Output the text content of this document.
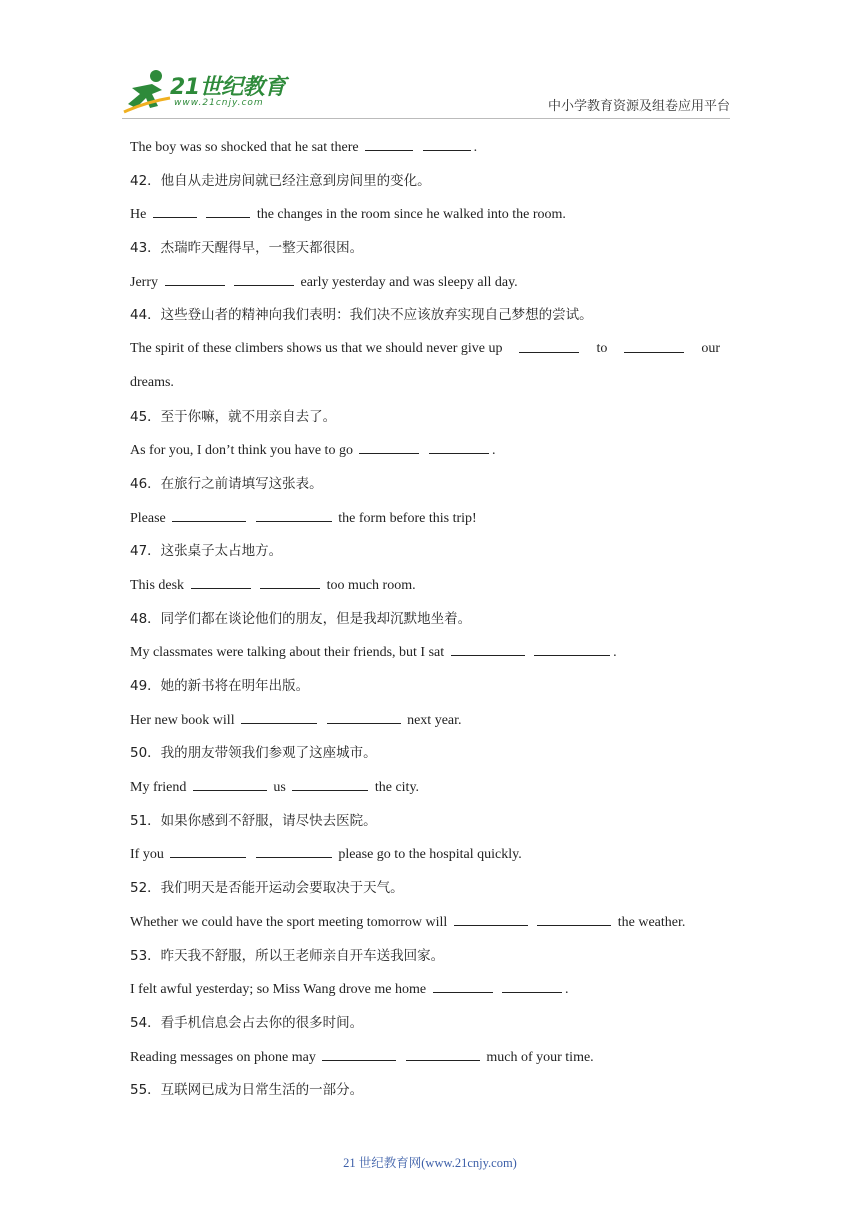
21世纪教育
www.21cnjy.com	中小学教育资源及组卷应用平台
The boy was so shocked that he sat there	.
42．他自从走进房间就已经注意到房间里的变化。
He	the changes in the room since he walked into the room.
43．杰瑞昨天醒得早，一整天都很困。
Jerry	early yesterday and was sleepy all day.
44．这些登山者的精神向我们表明：我们决不应该放弃实现自己梦想的尝试。
The spirit of these climbers shows us that we should never give up	to	our
dreams.
45．至于你嘛，就不用亲自去了。
As for you, I don’t think you have to go	.
46．在旅行之前请填写这张表。
Please	the form before this trip!
47．这张桌子太占地方。
This desk	too much room.
48．同学们都在谈论他们的朋友，但是我却沉默地坐着。
My classmates were talking about their friends, but I sat	.
49．她的新书将在明年出版。
Her new book will	next year.
50．我的朋友带领我们参观了这座城市。
My friend	us	the city.
51．如果你感到不舒服，请尽快去医院。
If you	please go to the hospital quickly.
52．我们明天是否能开运动会要取决于天气。
Whether we could have the sport meeting tomorrow will	the weather.
53．昨天我不舒服，所以王老师亲自开车送我回家。
I felt awful yesterday; so Miss Wang drove me home	.
54．看手机信息会占去你的很多时间。
Reading messages on phone may	much of your time.
55．互联网已成为日常生活的一部分。
21 世纪教育网(www.21cnjy.com)
